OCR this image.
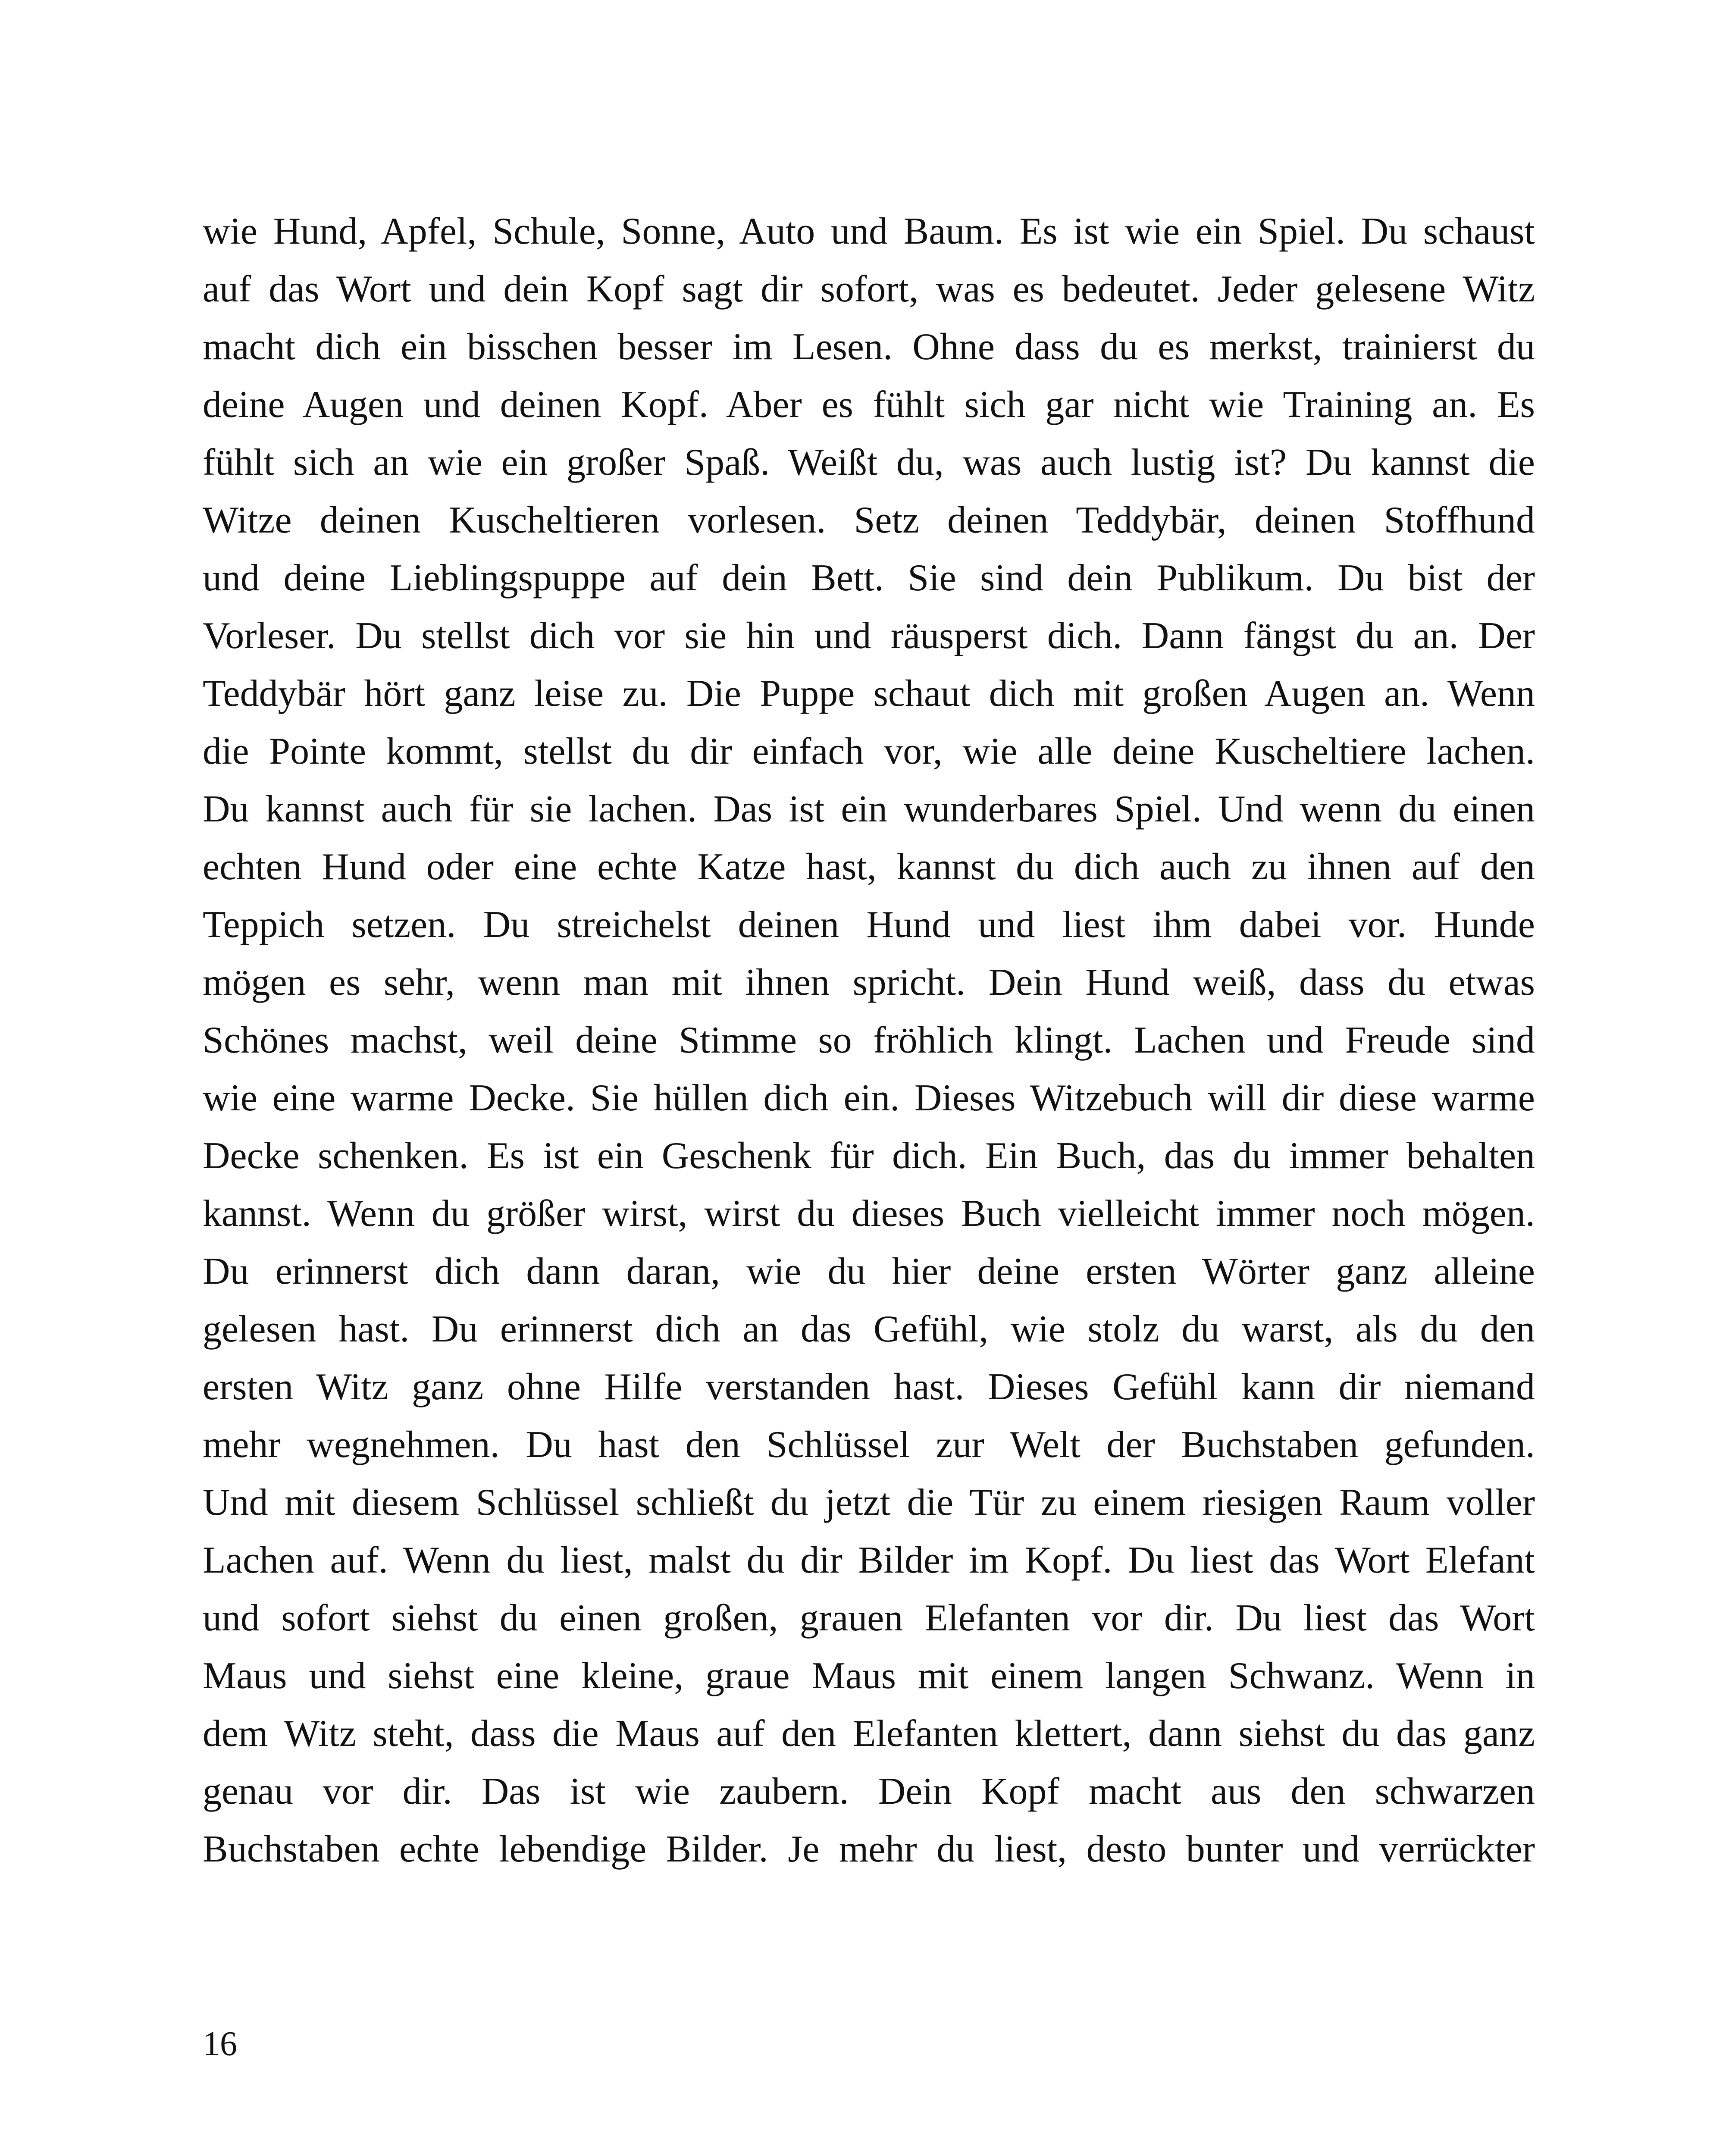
wie Hund, Apfel, Schule, Sonne, Auto und Baum. Es ist wie ein Spiel. Du schaust
auf das Wort und dein Kopf sagt dir sofort, was es bedeutet. Jeder gelesene Witz
macht dich ein bisschen besser im Lesen. Ohne dass du es merkst, trainierst du
deine Augen und deinen Kopf. Aber es fühlt sich gar nicht wie Training an. Es
fühlt sich an wie ein großer Spaß. Weißt du, was auch lustig ist? Du kannst die
Witze deinen Kuscheltieren vorlesen. Setz deinen Teddybär, deinen Stoffhund
und deine Lieblingspuppe auf dein Bett. Sie sind dein Publikum. Du bist der
Vorleser. Du stellst dich vor sie hin und räusperst dich. Dann fängst du an. Der
Teddybär hört ganz leise zu. Die Puppe schaut dich mit großen Augen an. Wenn
die Pointe kommt, stellst du dir einfach vor, wie alle deine Kuscheltiere lachen.
Du kannst auch für sie lachen. Das ist ein wunderbares Spiel. Und wenn du einen
echten Hund oder eine echte Katze hast, kannst du dich auch zu ihnen auf den
Teppich setzen. Du streichelst deinen Hund und liest ihm dabei vor. Hunde
mögen es sehr, wenn man mit ihnen spricht. Dein Hund weiß, dass du etwas
Schönes machst, weil deine Stimme so fröhlich klingt. Lachen und Freude sind
wie eine warme Decke. Sie hüllen dich ein. Dieses Witzebuch will dir diese warme
Decke schenken. Es ist ein Geschenk für dich. Ein Buch, das du immer behalten
kannst. Wenn du größer wirst, wirst du dieses Buch vielleicht immer noch mögen.
Du erinnerst dich dann daran, wie du hier deine ersten Wörter ganz alleine
gelesen hast. Du erinnerst dich an das Gefühl, wie stolz du warst, als du den
ersten Witz ganz ohne Hilfe verstanden hast. Dieses Gefühl kann dir niemand
mehr wegnehmen. Du hast den Schlüssel zur Welt der Buchstaben gefunden.
Und mit diesem Schlüssel schließt du jetzt die Tür zu einem riesigen Raum voller
Lachen auf. Wenn du liest, malst du dir Bilder im Kopf. Du liest das Wort Elefant
und sofort siehst du einen großen, grauen Elefanten vor dir. Du liest das Wort
Maus und siehst eine kleine, graue Maus mit einem langen Schwanz. Wenn in
dem Witz steht, dass die Maus auf den Elefanten klettert, dann siehst du das ganz
genau vor dir. Das ist wie zaubern. Dein Kopf macht aus den schwarzen
Buchstaben echte lebendige Bilder. Je mehr du liest, desto bunter und verrückter
16
